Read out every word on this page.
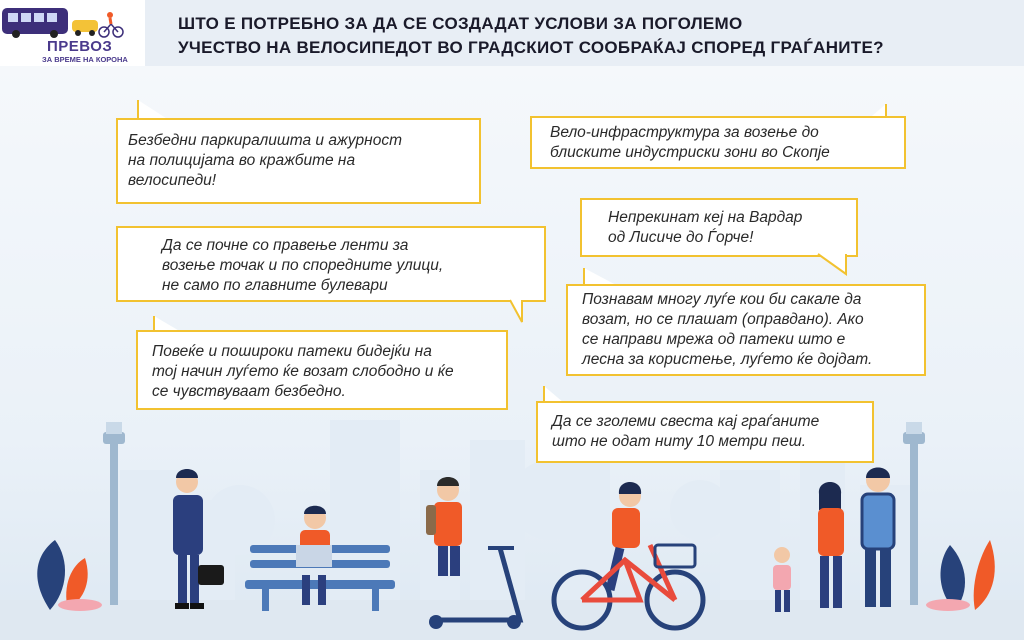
ПРЕВОЗ
ЗА ВРЕМЕ НА КОРОНА
ШТО Е ПОТРЕБНО ЗА ДА СЕ СОЗДАДАТ УСЛОВИ ЗА ПОГОЛЕМО
УЧЕСТВО НА ВЕЛОСИПЕДОТ ВО ГРАДСКИОТ СООБРАЌАЈ СПОРЕД ГРАЃАНИТЕ?
Безбедни паркиралишта и ажурност
на полицијата во кражбите на
велосипеди!
Да се почне со правење ленти за
возење точак и по споредните улици,
не само по главните булевари
Повеќе и пошироки патеки бидејќи на
тој начин луѓето ќе возат слободно и ќе
се чувствуваат безбедно.
Вело-инфраструктура за возење до
блиските индустриски зони во Скопје
Непрекинат кеј на Вардар
од Лисиче до Ѓорче!
Познавам многу луѓе кои би сакале да
возат, но се плашат (оправдано). Ако
се направи мрежа од патеки што е
лесна за користење, луѓето ќе дојдат.
Да се зголеми свеста кај граѓаните
што не одат ниту 10 метри пеш.
